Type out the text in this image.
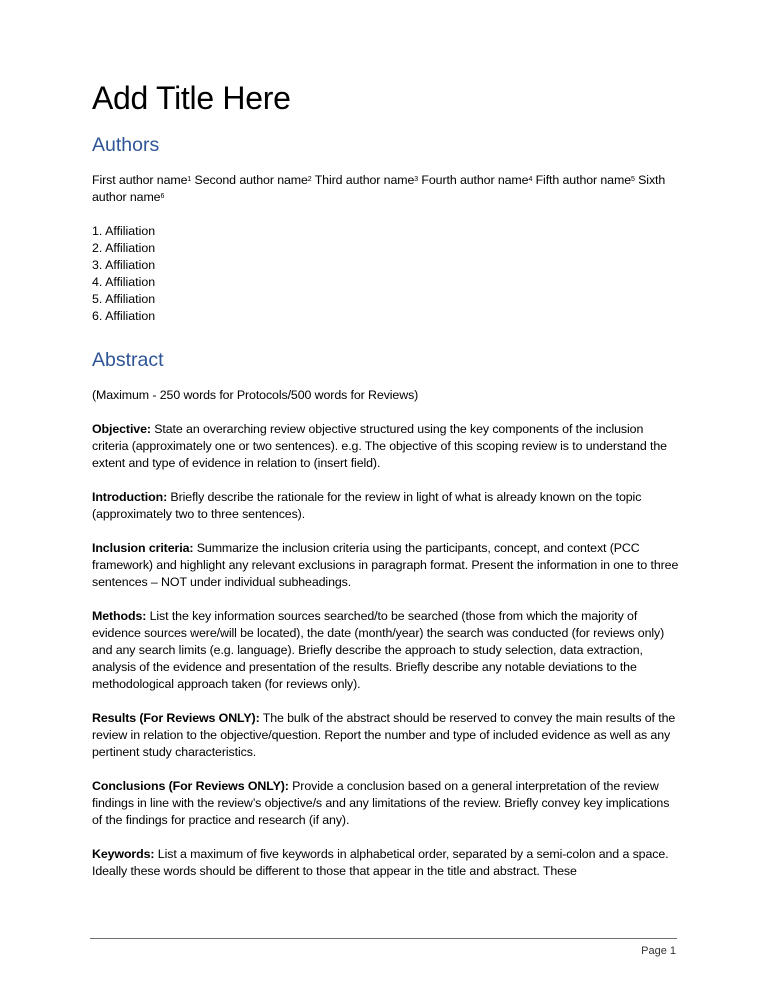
Add Title Here
Authors

First author name$^1$ Second author name$^2$ Third author name$^3$ Fourth author name$^4$ Fifth author name$^5$ Sixth author name$^6$

1. Affiliation
2. Affiliation
3. Affiliation
4. Affiliation
5. Affiliation
6. Affiliation
Abstract

(Maximum - 250 words for Protocols/500 words for Reviews)

Objective: State an overarching review objective structured using the key components of the inclusion criteria (approximately one or two sentences). e.g. The objective of this scoping review is to understand the extent and type of evidence in relation to (insert field).

Introduction: Briefly describe the rationale for the review in light of what is already known on the topic (approximately two to three sentences).

Inclusion criteria: Summarize the inclusion criteria using the participants, concept, and context (PCC framework) and highlight any relevant exclusions in paragraph format. Present the information in one to three sentences – NOT under individual subheadings.

Methods: List the key information sources searched/to be searched (those from which the majority of evidence sources were/will be located), the date (month/year) the search was conducted (for reviews only) and any search limits (e.g. language). Briefly describe the approach to study selection, data extraction, analysis of the evidence and presentation of the results. Briefly describe any notable deviations to the methodological approach taken (for reviews only).

Results (For Reviews ONLY): The bulk of the abstract should be reserved to convey the main results of the review in relation to the objective/question. Report the number and type of included evidence as well as any pertinent study characteristics.

Conclusions (For Reviews ONLY): Provide a conclusion based on a general interpretation of the review findings in line with the review’s objective/s and any limitations of the review. Briefly convey key implications of the findings for practice and research (if any).

Keywords: List a maximum of five keywords in alphabetical order, separated by a semi-colon and a space. Ideally these words should be different to those that appear in the title and abstract. These

Page 1
